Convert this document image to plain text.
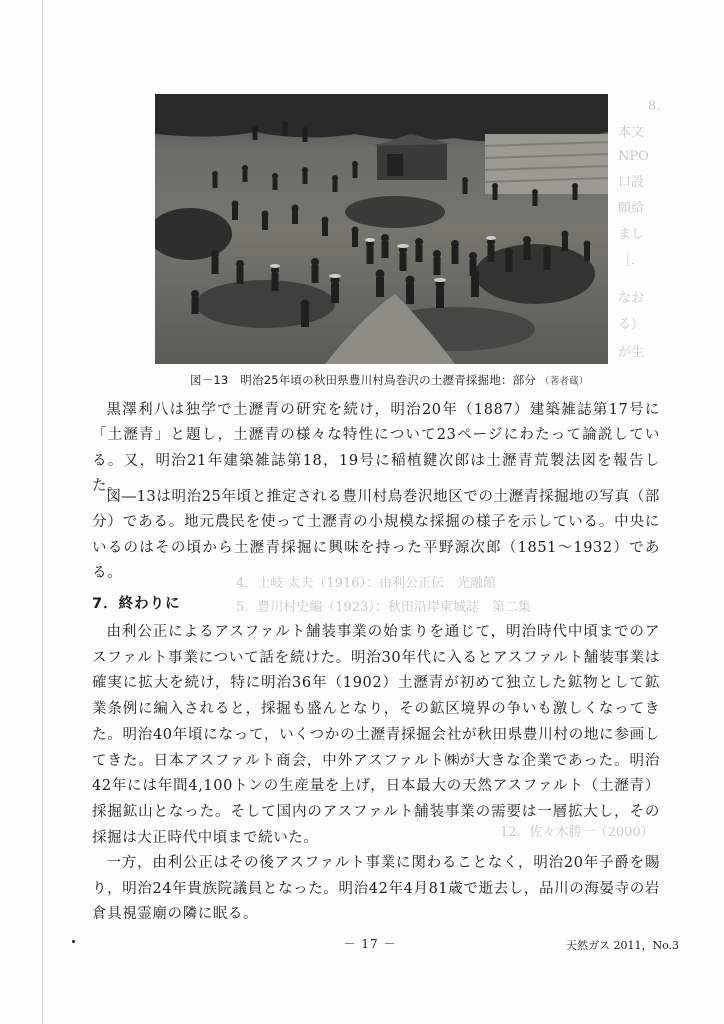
8．
本文
NPO
口設
願給
まし
［．
なお
る）
が生
4．土岐 太夫（1916）：由利公正伝　光融館
5．豊川村史編（1923）：秋田沿岸東城誌　第二集
12．佐々木勝一（2000）
図－13 明治25年頃の秋田県豊川村鳥巻沢の土瀝青採掘地：部分 （著者蔵）

黒澤利八は独学で土瀝青の研究を続け，明治20年（1887）建築雑誌第17号に「土瀝青」と題し，土瀝青の様々な特性について23ページにわたって論説している。又，明治21年建築雑誌第18，19号に稲植鍵次郎は土瀝青荒製法図を報告した。

図―13は明治25年頃と推定される豊川村鳥巻沢地区での土瀝青採掘地の写真（部分）である。地元農民を使って土瀝青の小規模な採掘の様子を示している。中央にいるのはその頃から土瀝青採掘に興味を持った平野源次郎（1851～1932）である。

7．終わりに

由利公正によるアスファルト舗装事業の始まりを通じて，明治時代中頃までのアスファルト事業について話を続けた。明治30年代に入るとアスファルト舗装事業は確実に拡大を続け，特に明治36年（1902）土瀝青が初めて独立した鉱物として鉱業条例に編入されると，採掘も盛んとなり，その鉱区境界の争いも激しくなってきた。明治40年頃になって，いくつかの土瀝青採掘会社が秋田県豊川村の地に参画してきた。日本アスファルト商会，中外アスファルト㈱が大きな企業であった。明治42年には年間4,100トンの生産量を上げ，日本最大の天然アスファルト（土瀝青）採掘鉱山となった。そして国内のアスファルト舗装事業の需要は一層拡大し，その採掘は大正時代中頃まで続いた。

一方，由利公正はその後アスファルト事業に関わることなく，明治20年子爵を賜り，明治24年貴族院議員となった。明治42年4月81歳で逝去し，品川の海晏寺の岩倉具視霊廟の隣に眠る。

－ 17 －	天然ガス 2011，No.3
